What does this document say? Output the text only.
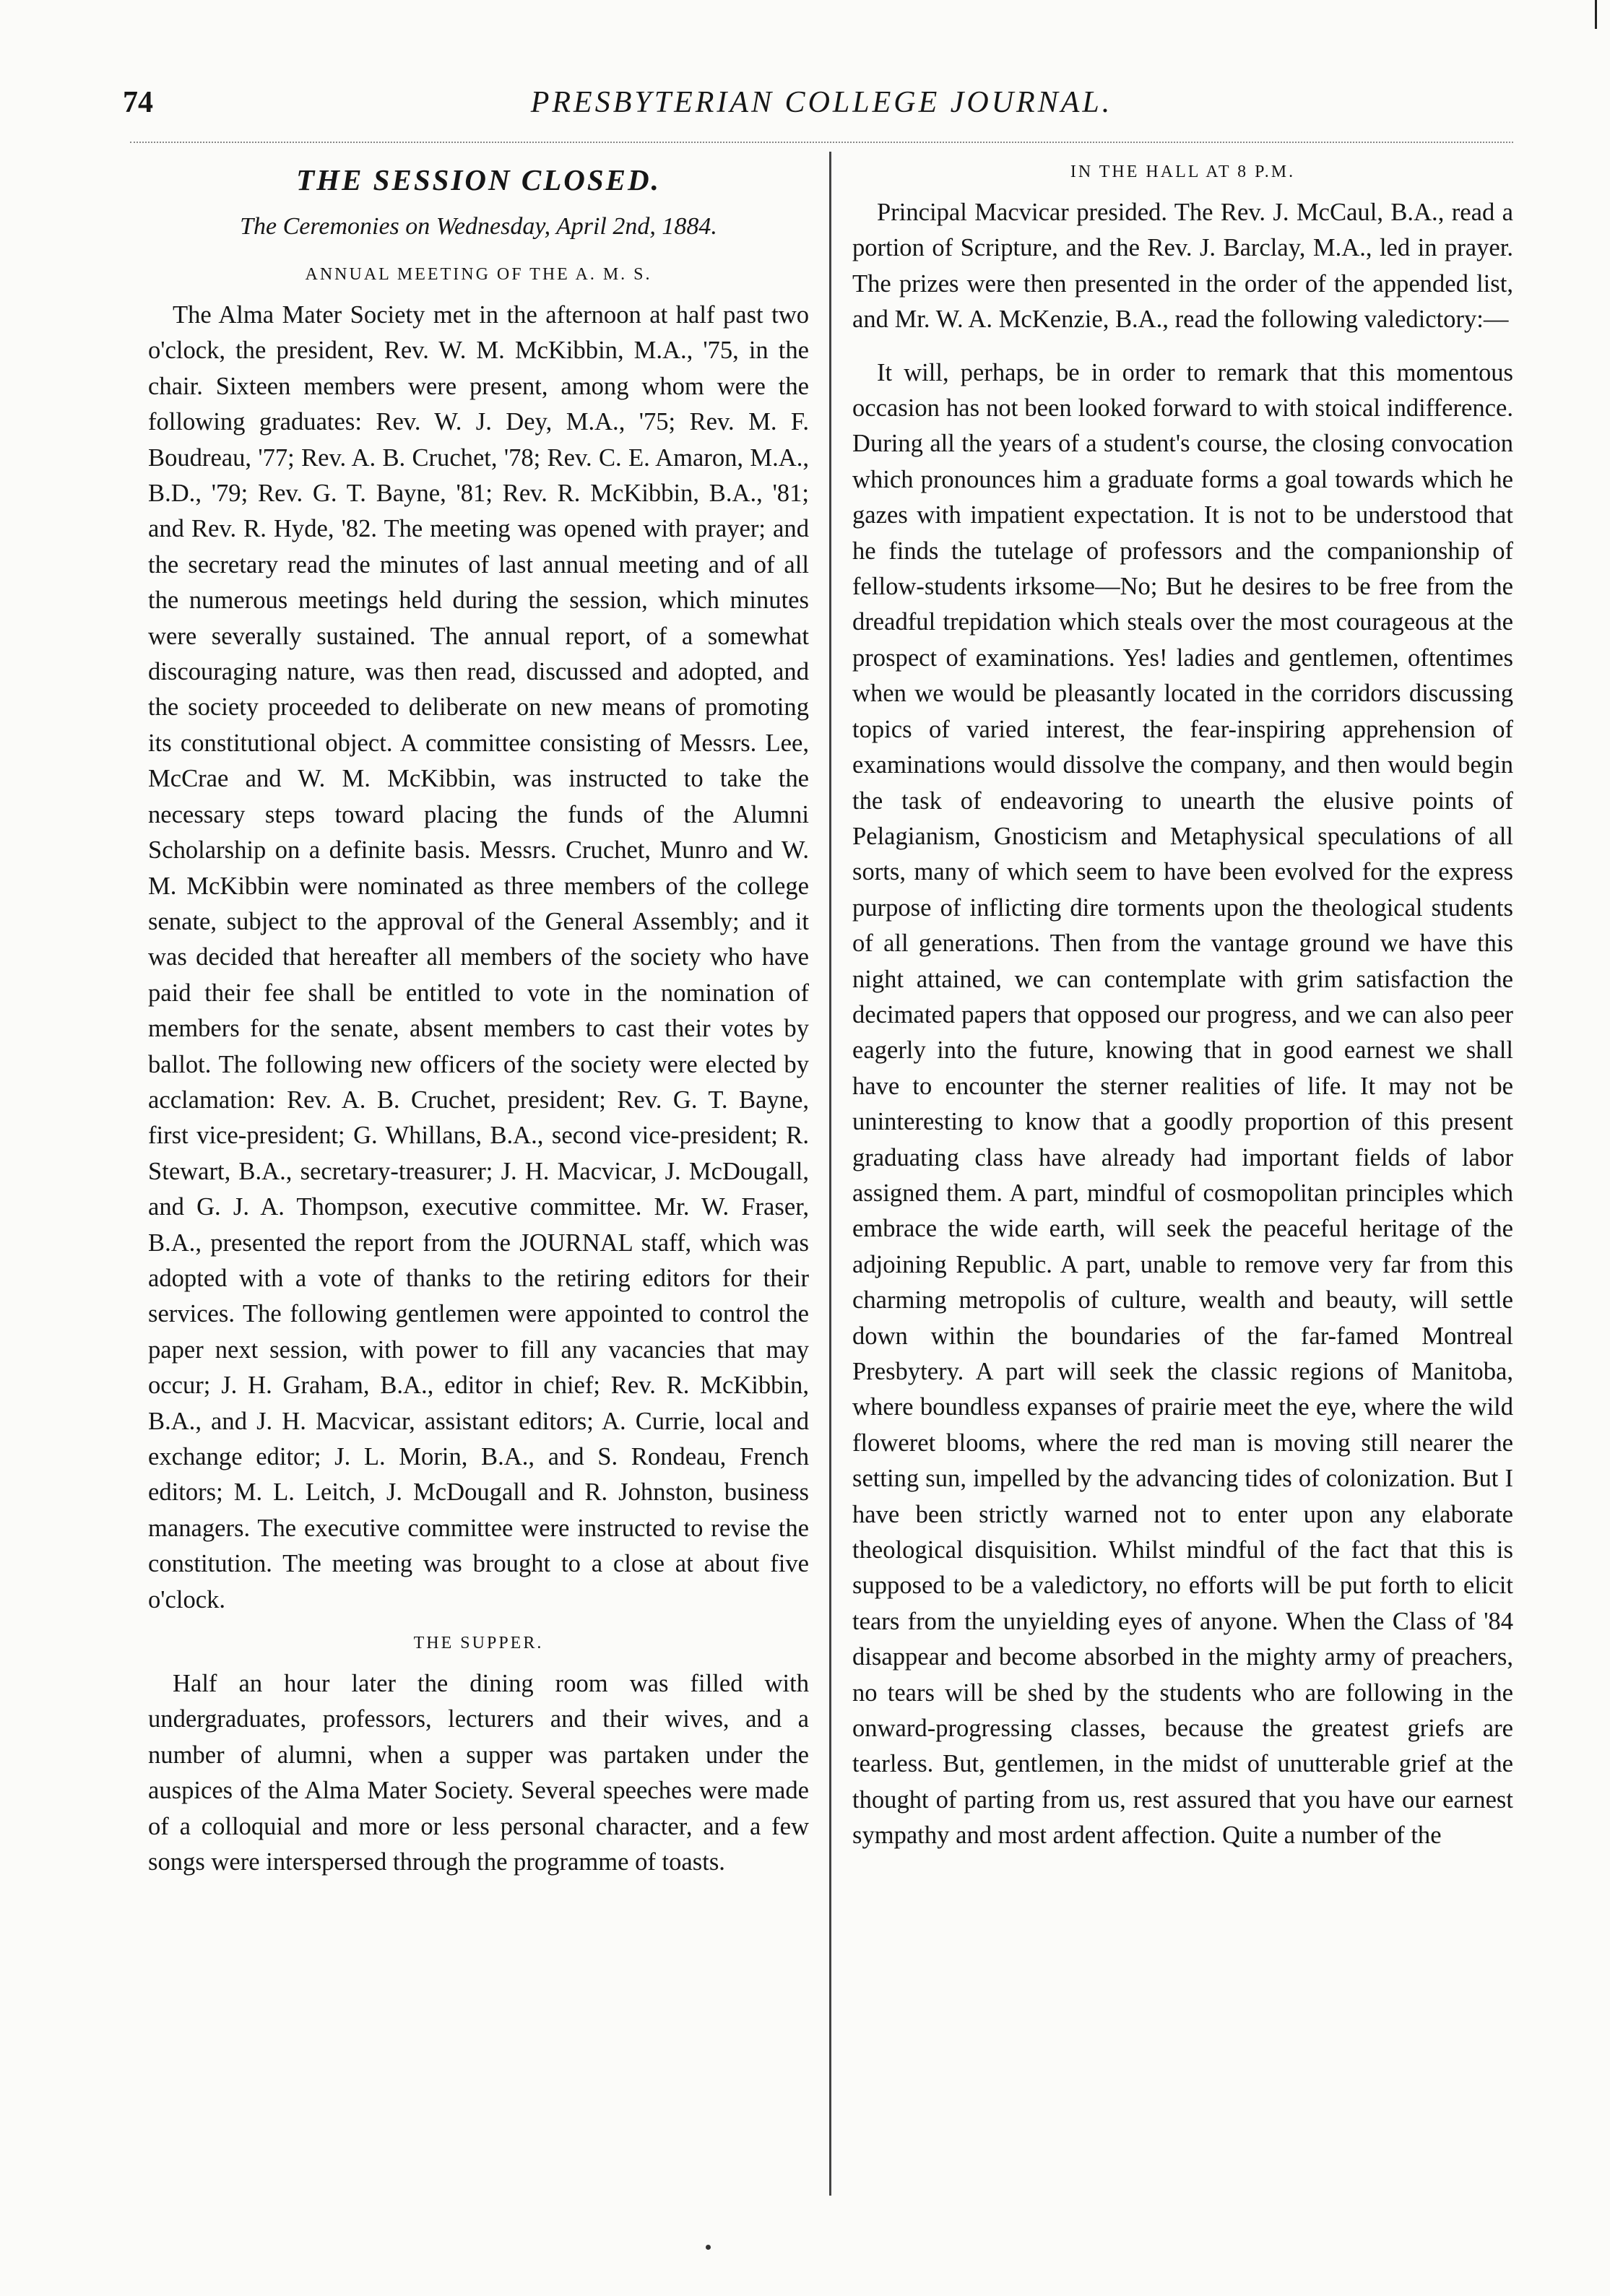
74	PRESBYTERIAN COLLEGE JOURNAL.
THE SESSION CLOSED.

The Ceremonies on Wednesday, April 2nd, 1884.

ANNUAL MEETING OF THE A. M. S.

The Alma Mater Society met in the afternoon at half past two o'clock, the president, Rev. W. M. McKibbin, M.A., '75, in the chair. Sixteen members were present, among whom were the following graduates: Rev. W. J. Dey, M.A., '75; Rev. M. F. Boudreau, '77; Rev. A. B. Cruchet, '78; Rev. C. E. Amaron, M.A., B.D., '79; Rev. G. T. Bayne, '81; Rev. R. McKibbin, B.A., '81; and Rev. R. Hyde, '82. The meeting was opened with prayer; and the secretary read the minutes of last annual meeting and of all the numerous meetings held during the session, which minutes were severally sustained. The annual report, of a somewhat discouraging nature, was then read, discussed and adopted, and the society proceeded to deliberate on new means of promoting its constitutional object. A committee consisting of Messrs. Lee, McCrae and W. M. McKibbin, was instructed to take the necessary steps toward placing the funds of the Alumni Scholarship on a definite basis. Messrs. Cruchet, Munro and W. M. McKibbin were nominated as three members of the college senate, subject to the approval of the General Assembly; and it was decided that hereafter all members of the society who have paid their fee shall be entitled to vote in the nomination of members for the senate, absent members to cast their votes by ballot. The following new officers of the society were elected by acclamation: Rev. A. B. Cruchet, president; Rev. G. T. Bayne, first vice-president; G. Whillans, B.A., second vice-president; R. Stewart, B.A., secretary-treasurer; J. H. Macvicar, J. McDougall, and G. J. A. Thompson, executive committee. Mr. W. Fraser, B.A., presented the report from the JOURNAL staff, which was adopted with a vote of thanks to the retiring editors for their services. The following gentlemen were appointed to control the paper next session, with power to fill any vacancies that may occur; J. H. Graham, B.A., editor in chief; Rev. R. McKibbin, B.A., and J. H. Macvicar, assistant editors; A. Currie, local and exchange editor; J. L. Morin, B.A., and S. Rondeau, French editors; M. L. Leitch, J. McDougall and R. Johnston, business managers. The executive committee were instructed to revise the constitution. The meeting was brought to a close at about five o'clock.

THE SUPPER.

Half an hour later the dining room was filled with undergraduates, professors, lecturers and their wives, and a number of alumni, when a supper was partaken under the auspices of the Alma Mater Society. Several speeches were made of a colloquial and more or less personal character, and a few songs were interspersed through the programme of toasts.

IN THE HALL AT 8 P.M.

Principal Macvicar presided. The Rev. J. McCaul, B.A., read a portion of Scripture, and the Rev. J. Barclay, M.A., led in prayer. The prizes were then presented in the order of the appended list, and Mr. W. A. McKenzie, B.A., read the following valedictory:—

It will, perhaps, be in order to remark that this momentous occasion has not been looked forward to with stoical indifference. During all the years of a student's course, the closing convocation which pronounces him a graduate forms a goal towards which he gazes with impatient expectation. It is not to be understood that he finds the tutelage of professors and the companionship of fellow-students irksome—No; But he desires to be free from the dreadful trepidation which steals over the most courageous at the prospect of examinations. Yes! ladies and gentlemen, oftentimes when we would be pleasantly located in the corridors discussing topics of varied interest, the fear-inspiring apprehension of examinations would dissolve the company, and then would begin the task of endeavoring to unearth the elusive points of Pelagianism, Gnosticism and Metaphysical speculations of all sorts, many of which seem to have been evolved for the express purpose of inflicting dire torments upon the theological students of all generations. Then from the vantage ground we have this night attained, we can contemplate with grim satisfaction the decimated papers that opposed our progress, and we can also peer eagerly into the future, knowing that in good earnest we shall have to encounter the sterner realities of life. It may not be uninteresting to know that a goodly proportion of this present graduating class have already had important fields of labor assigned them. A part, mindful of cosmopolitan principles which embrace the wide earth, will seek the peaceful heritage of the adjoining Republic. A part, unable to remove very far from this charming metropolis of culture, wealth and beauty, will settle down within the boundaries of the far-famed Montreal Presbytery. A part will seek the classic regions of Manitoba, where boundless expanses of prairie meet the eye, where the wild floweret blooms, where the red man is moving still nearer the setting sun, impelled by the advancing tides of colonization. But I have been strictly warned not to enter upon any elaborate theological disquisition. Whilst mindful of the fact that this is supposed to be a valedictory, no efforts will be put forth to elicit tears from the unyielding eyes of anyone. When the Class of '84 disappear and become absorbed in the mighty army of preachers, no tears will be shed by the students who are following in the onward-progressing classes, because the greatest griefs are tearless. But, gentlemen, in the midst of unutterable grief at the thought of parting from us, rest assured that you have our earnest sympathy and most ardent affection. Quite a number of the
